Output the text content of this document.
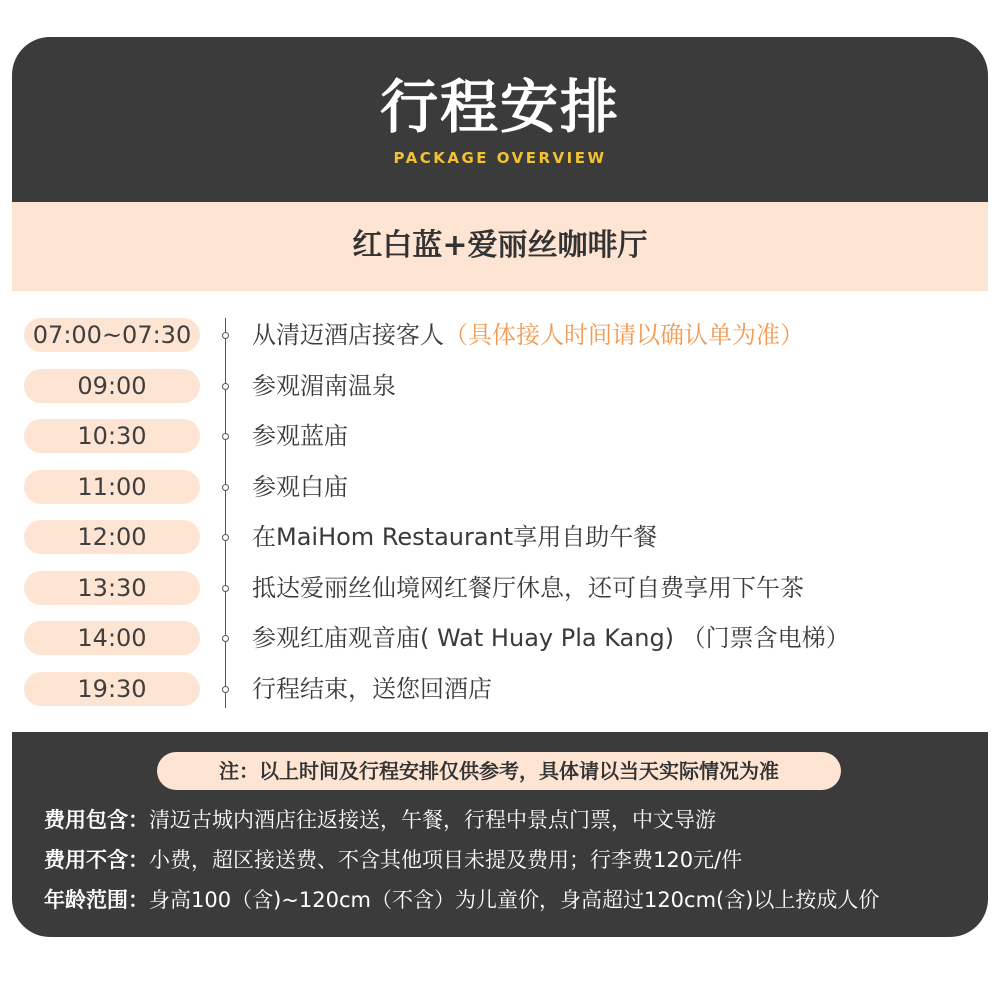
行程安排
PACKAGE OVERVIEW
红白蓝+爱丽丝咖啡厅
07:00~07:30	从清迈酒店接客人（具体接人时间请以确认单为准）
09:00	参观湄南温泉
10:30	参观蓝庙
11:00	参观白庙
12:00	在MaiHom Restaurant享用自助午餐
13:30	抵达爱丽丝仙境网红餐厅休息，还可自费享用下午茶
14:00	参观红庙观音庙( Wat Huay Pla Kang) （门票含电梯）
19:30	行程结束，送您回酒店
注：以上时间及行程安排仅供参考，具体请以当天实际情况为准
费用包含：清迈古城内酒店往返接送，午餐，行程中景点门票，中文导游
费用不含：小费，超区接送费、不含其他项目未提及费用；行李费120元/件
年龄范围：身高100（含)~120cm（不含）为儿童价，身高超过120cm(含)以上按成人价
